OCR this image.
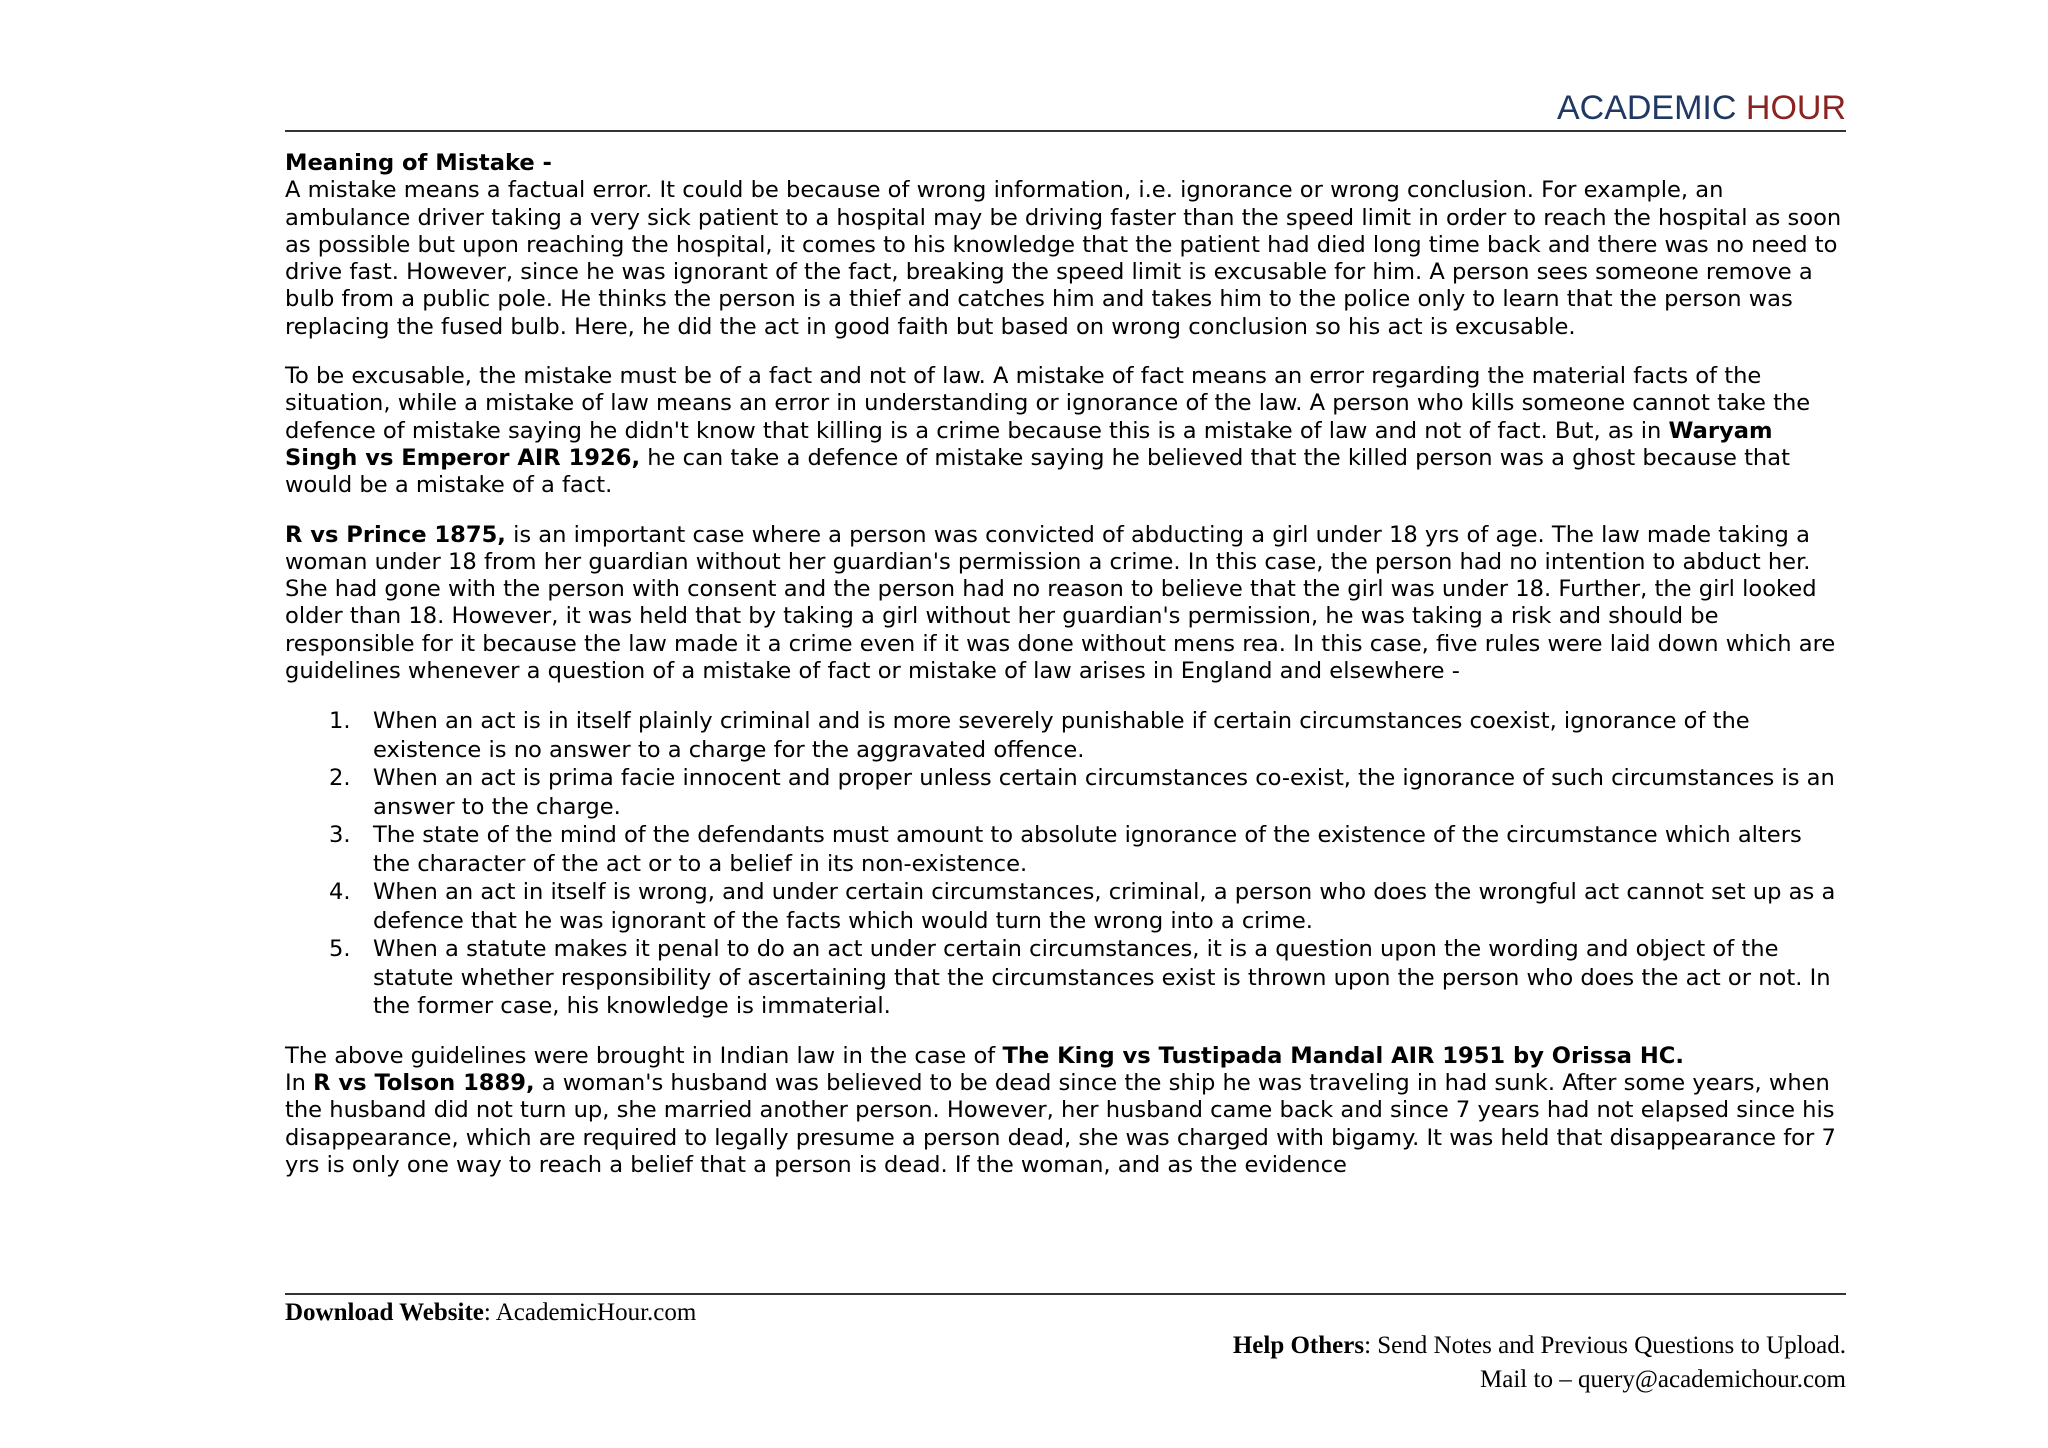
ACADEMIC HOUR

Meaning of Mistake -
A mistake means a factual error. It could be because of wrong information, i.e. ignorance or wrong conclusion. For example, an ambulance driver taking a very sick patient to a hospital may be driving faster than the speed limit in order to reach the hospital as soon as possible but upon reaching the hospital, it comes to his knowledge that the patient had died long time back and there was no need to drive fast. However, since he was ignorant of the fact, breaking the speed limit is excusable for him. A person sees someone remove a bulb from a public pole. He thinks the person is a thief and catches him and takes him to the police only to learn that the person was replacing the fused bulb. Here, he did the act in good faith but based on wrong conclusion so his act is excusable.

To be excusable, the mistake must be of a fact and not of law. A mistake of fact means an error regarding the material facts of the situation, while a mistake of law means an error in understanding or ignorance of the law. A person who kills someone cannot take the defence of mistake saying he didn't know that killing is a crime because this is a mistake of law and not of fact. But, as in Waryam Singh vs Emperor AIR 1926, he can take a defence of mistake saying he believed that the killed person was a ghost because that would be a mistake of a fact.

R vs Prince 1875, is an important case where a person was convicted of abducting a girl under 18 yrs of age. The law made taking a woman under 18 from her guardian without her guardian's permission a crime. In this case, the person had no intention to abduct her. She had gone with the person with consent and the person had no reason to believe that the girl was under 18. Further, the girl looked older than 18. However, it was held that by taking a girl without her guardian's permission, he was taking a risk and should be responsible for it because the law made it a crime even if it was done without mens rea. In this case, five rules were laid down which are guidelines whenever a question of a mistake of fact or mistake of law arises in England and elsewhere -

1. When an act is in itself plainly criminal and is more severely punishable if certain circumstances coexist, ignorance of the existence is no answer to a charge for the aggravated offence.
2. When an act is prima facie innocent and proper unless certain circumstances co-exist, the ignorance of such circumstances is an answer to the charge.
3. The state of the mind of the defendants must amount to absolute ignorance of the existence of the circumstance which alters the character of the act or to a belief in its non-existence.
4. When an act in itself is wrong, and under certain circumstances, criminal, a person who does the wrongful act cannot set up as a defence that he was ignorant of the facts which would turn the wrong into a crime.
5. When a statute makes it penal to do an act under certain circumstances, it is a question upon the wording and object of the statute whether responsibility of ascertaining that the circumstances exist is thrown upon the person who does the act or not. In the former case, his knowledge is immaterial.

The above guidelines were brought in Indian law in the case of The King vs Tustipada Mandal AIR 1951 by Orissa HC.
In R vs Tolson 1889, a woman's husband was believed to be dead since the ship he was traveling in had sunk. After some years, when the husband did not turn up, she married another person. However, her husband came back and since 7 years had not elapsed since his disappearance, which are required to legally presume a person dead, she was charged with bigamy. It was held that disappearance for 7 yrs is only one way to reach a belief that a person is dead. If the woman, and as the evidence

Download Website: AcademicHour.com
Help Others: Send Notes and Previous Questions to Upload.
Mail to – query@academichour.com
